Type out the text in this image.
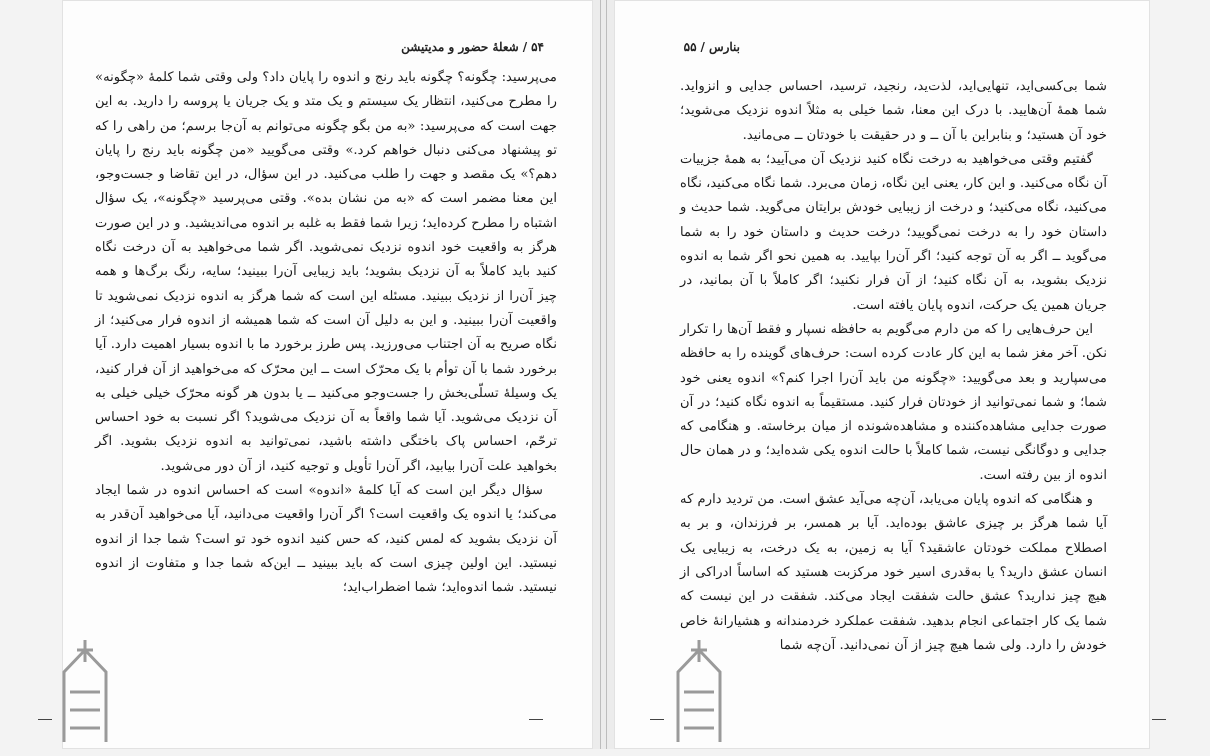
۵۴/شعلهٔ حضور و مدیتیشن

می‌پرسید: چگونه؟ چگونه باید رنج و اندوه را پایان داد؟ ولی وقتی شما کلمهٔ «چگونه» را مطرح می‌کنید، انتظار یک سیستم و یک متد و یک جریان یا پروسه را دارید. به این جهت است که می‌پرسید: «به من بگو چگونه می‌توانم به آن‌جا برسم؛ من راهی را که تو پیشنهاد می‌کنی دنبال خواهم کرد.» وقتی می‌گویید «من چگونه باید رنج را پایان دهم؟» یک مقصد و جهت را طلب می‌کنید. در این سؤال، در این تقاضا و جست‌وجو، این معنا مضمر است که «به من نشان بده». وقتی می‌پرسید «چگونه»، یک سؤال اشتباه را مطرح کرده‌اید؛ زیرا شما فقط به غلبه بر اندوه می‌اندیشید. و در این صورت هرگز به واقعیت خود اندوه نزدیک نمی‌شوید. اگر شما می‌خواهید به آن درخت نگاه کنید باید کاملاً به آن نزدیک بشوید؛ باید زیبایی آن‌را ببینید؛ سایه، رنگ برگ‌ها و همه چیز آن‌را از نزدیک ببینید. مسئله این است که شما هرگز به اندوه نزدیک نمی‌شوید تا واقعیت آن‌را ببینید. و این به دلیل آن است که شما همیشه از اندوه فرار می‌کنید؛ از نگاه صریح به آن اجتناب می‌ورزید. پس طرز برخورد ما با اندوه بسیار اهمیت دارد. آیا برخورد شما با آن توأم با یک محرّک است ــ این محرّک که می‌خواهید از آن فرار کنید، یک وسیلهٔ تسلّی‌بخش را جست‌وجو می‌کنید ــ یا بدون هر گونه محرّک خیلی خیلی به آن نزدیک می‌شوید. آیا شما واقعاً به آن نزدیک می‌شوید؟ اگر نسبت به خود احساس ترحّم، احساس پاک باختگی داشته باشید، نمی‌توانید به اندوه نزدیک بشوید. اگر بخواهید علت آن‌را بیابید، اگر آن‌را تأویل و توجیه کنید، از آن دور می‌شوید.

سؤال دیگر این است که آیا کلمهٔ «اندوه» است که احساس اندوه در شما ایجاد می‌کند؛ یا اندوه یک واقعیت است؟ اگر آن‌را واقعیت می‌دانید، آیا می‌خواهید آن‌قدر به آن نزدیک بشوید که لمس کنید، که حس کنید اندوه خود تو است؟ شما جدا از اندوه نیستید. این اولین چیزی است که باید ببینید ــ این‌که شما جدا و متفاوت از اندوه نیستید. شما اندوه‌اید؛ شما اضطراب‌اید؛

بنارس/۵۵

شما بی‌کسی‌اید، تنهایی‌اید، لذت‌ید، رنجید، ترسید، احساس جدایی و انزواید. شما همهٔ آن‌هایید. با درک این معنا، شما خیلی به مثلاً اندوه نزدیک می‌شوید؛ خود آن هستید؛ و بنابراین با آن ــ و در حقیقت با خودتان ــ می‌مانید.

گفتیم وقتی می‌خواهید به درخت نگاه کنید نزدیک آن می‌آیید؛ به همهٔ جزییات آن نگاه می‌کنید. و این کار، یعنی این نگاه، زمان می‌برد. شما نگاه می‌کنید، نگاه می‌کنید، نگاه می‌کنید؛ و درخت از زیبایی خودش برایتان می‌گوید. شما حدیث و داستان خود را به درخت نمی‌گویید؛ درخت حدیث و داستان خود را به شما می‌گوید ــ اگر به آن توجه کنید؛ اگر آن‌را بپایید. به همین نحو اگر شما به اندوه نزدیک بشوید، به آن نگاه کنید؛ از آن فرار نکنید؛ اگر کاملاً با آن بمانید، در جریان همین یک حرکت، اندوه پایان یافته است.

این حرف‌هایی را که من دارم می‌گویم به حافظه نسپار و فقط آن‌ها را تکرار نکن. آخر مغز شما به این کار عادت کرده است: حرف‌های گوینده را به حافظه می‌سپارید و بعد می‌گویید: «چگونه من باید آن‌را اجرا کنم؟» اندوه یعنی خود شما؛ و شما نمی‌توانید از خودتان فرار کنید. مستقیماً به اندوه نگاه کنید؛ در آن صورت جدایی مشاهده‌کننده و مشاهده‌شونده از میان برخاسته. و هنگامی که جدایی و دوگانگی نیست، شما کاملاً با حالت اندوه یکی شده‌اید؛ و در همان حال اندوه از بین رفته است.

و هنگامی که اندوه پایان می‌یابد، آن‌چه می‌آید عشق است. من تردید دارم که آیا شما هرگز بر چیزی عاشق بوده‌اید. آیا بر همسر، بر فرزندان، و بر به اصطلاح مملکت خودتان عاشقید؟ آیا به زمین، به یک درخت، به زیبایی یک انسان عشق دارید؟ یا به‌قدری اسیر خود مرکزبت هستید که اساساً ادراکی از هیچ چیز ندارید؟ عشق حالت شفقت ایجاد می‌کند. شفقت در این نیست که شما یک کار اجتماعی انجام بدهید. شفقت عملکرد خردمندانه و هشیارانهٔ خاص خودش را دارد. ولی شما هیچ چیز از آن نمی‌دانید. آن‌چه شما
